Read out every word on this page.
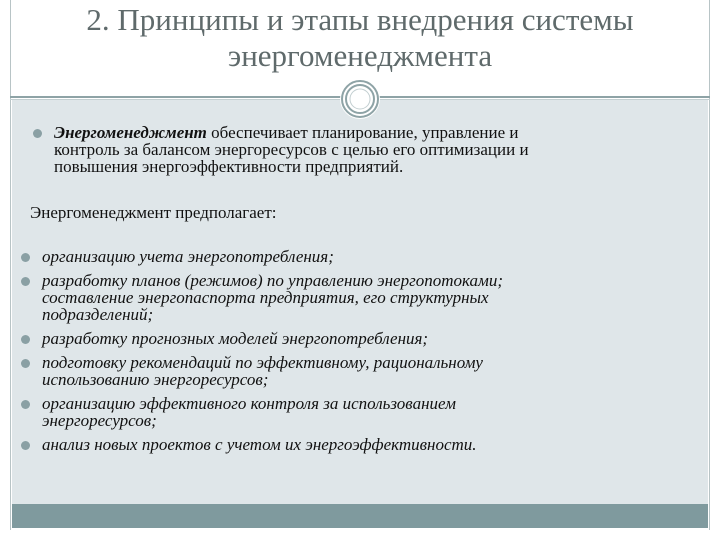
2. Принципы и этапы внедрения системы
энергоменеджмента
Энергоменеджмент обеспечивает планирование, управление и
контроль за балансом энергоресурсов с целью его оптимизации и
повышения энергоэффективности предприятий.
Энергоменеджмент предполагает:
организацию учета энергопотребления;
разработку планов (режимов) по управлению энергопотоками;
составление энергопаспорта предприятия, его структурных
подразделений;
разработку прогнозных моделей энергопотребления;
подготовку рекомендаций по эффективному, рациональному
использованию энергоресурсов;
организацию эффективного контроля за использованием
энергоресурсов;
анализ новых проектов с учетом их энергоэффективности.
